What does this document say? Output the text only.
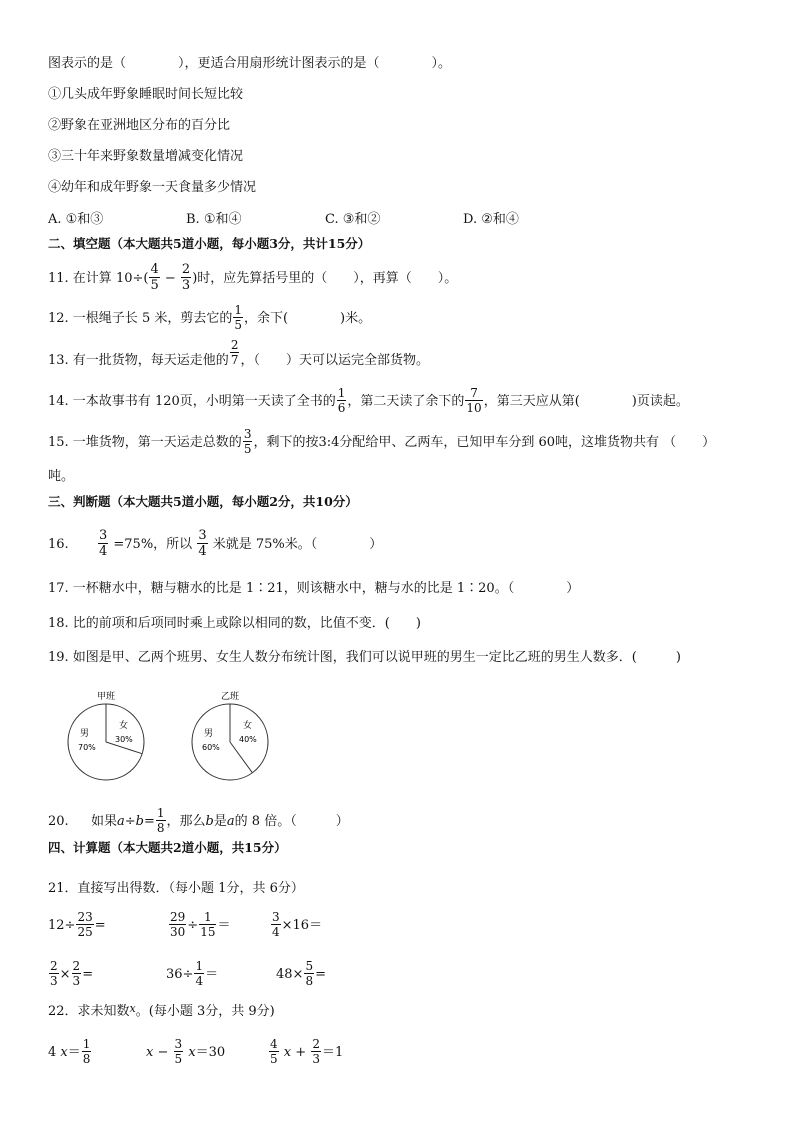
图表示的是（　　　　），更适合用扇形统计图表示的是（　　　　）。
①几头成年野象睡眠时间长短比较
②野象在亚洲地区分布的百分比
③三十年来野象数量增减变化情况
④幼年和成年野象一天食量多少情况
A. ①和③	B. ①和④	C. ③和②	D. ②和④
二、填空题（本大题共5道小题，每小题3分，共计15分）
11. 在计算 $10\div( \frac{4}{5} - \frac{2}{3}$ )时，应先算括号里的（　　），再算（　　）。
12. 一根绳子长 5 米，剪去它的 $\frac{1}{5}$ ，余下(　　　　)米。
13. 有一批货物，每天运走他的 $\frac{2}{7}$ ，（　　）天可以运完全部货物。
14. 一本故事书有 120页，小明第一天读了全书的 $\frac{1}{6}$ ，第二天读了余下的 $\frac{7}{10}$ ，第三天应从第(　　　　)页读起。
15. 一堆货物，第一天运走总数的 $\frac{3}{5}$ ，剩下的按3:4分配给甲、乙两车，已知甲车分到 60吨，这堆货物共有 （　　）
吨。
三、判断题（本大题共5道小题，每小题2分，共10分）
16. $\frac{3}{4} =75\%$，所以 $\frac{3}{4}$ 米就是 75%米。（　　　　）
17. 一杯糖水中，糖与糖水的比是 1∶21，则该糖水中，糖与水的比是 1∶20。（　　　　）
18. 比的前项和后项同时乘上或除以相同的数，比值不变．(　　)
19. 如图是甲、乙两个班男、女生人数分布统计图，我们可以说甲班的男生一定比乙班的男生人数多．(　　　)
甲班
女
30%
男
70%
乙班
女
40%
男
60%
20. 如果$a\div b= \frac{1}{8}$ ，那么b是a的 8 倍。（　　　）
四、计算题（本大题共2道小题，共15分）
21．直接写出得数．（每小题 1分，共 6分）
$12\div \frac{23}{25}$ =	$\frac{29}{30} \div \frac{1}{15}$ ＝	$\frac{3}{4} \times 16=$
$\frac{2}{3} \times \frac{2}{3}$ =	$36\div \frac{1}{4}$ ＝	$48\times \frac{5}{8}$ =
22．求未知数$^x$。(每小题 3分，共 9分)
4 $x= \frac{1}{8}$	$x - \frac{3}{5} x=30$	$\frac{4}{5}$ $x + \frac{2}{3} =1$
